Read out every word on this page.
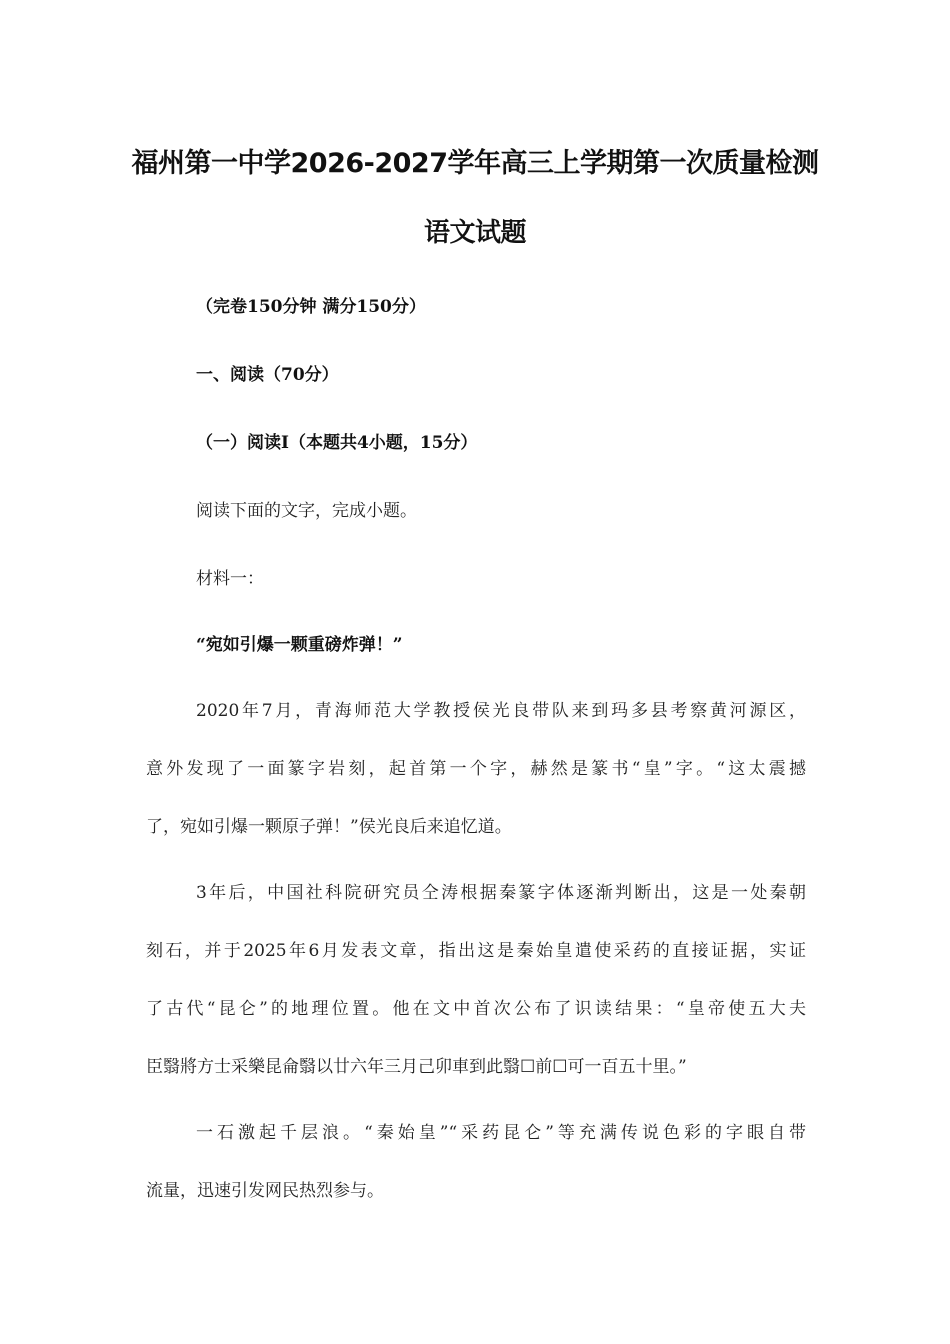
福州第一中学2026-2027学年高三上学期第一次质量检测
语文试题
（完卷150分钟 满分150分）
一、阅读（70分）
（一）阅读I（本题共4小题，15分）
阅读下面的文字，完成小题。
材料一：
“宛如引爆一颗重磅炸弹！”
2020年7月，青海师范大学教授侯光良带队来到玛多县考察黄河源区，
意外发现了一面篆字岩刻，起首第一个字，赫然是篆书“皇”字。“这太震撼
了，宛如引爆一颗原子弹！”侯光良后来追忆道。
3年后，中国社科院研究员仝涛根据秦篆字体逐渐判断出，这是一处秦朝
刻石，并于2025年6月发表文章，指出这是秦始皇遣使采药的直接证据，实证
了古代“昆仑”的地理位置。他在文中首次公布了识读结果：“皇帝使五大夫
臣翳將方士采樂昆侖翳以廿六年三月己卯車到此翳☐前☐可一百五十里。”
一石激起千层浪。“秦始皇”“采药昆仑”等充满传说色彩的字眼自带
流量，迅速引发网民热烈参与。
